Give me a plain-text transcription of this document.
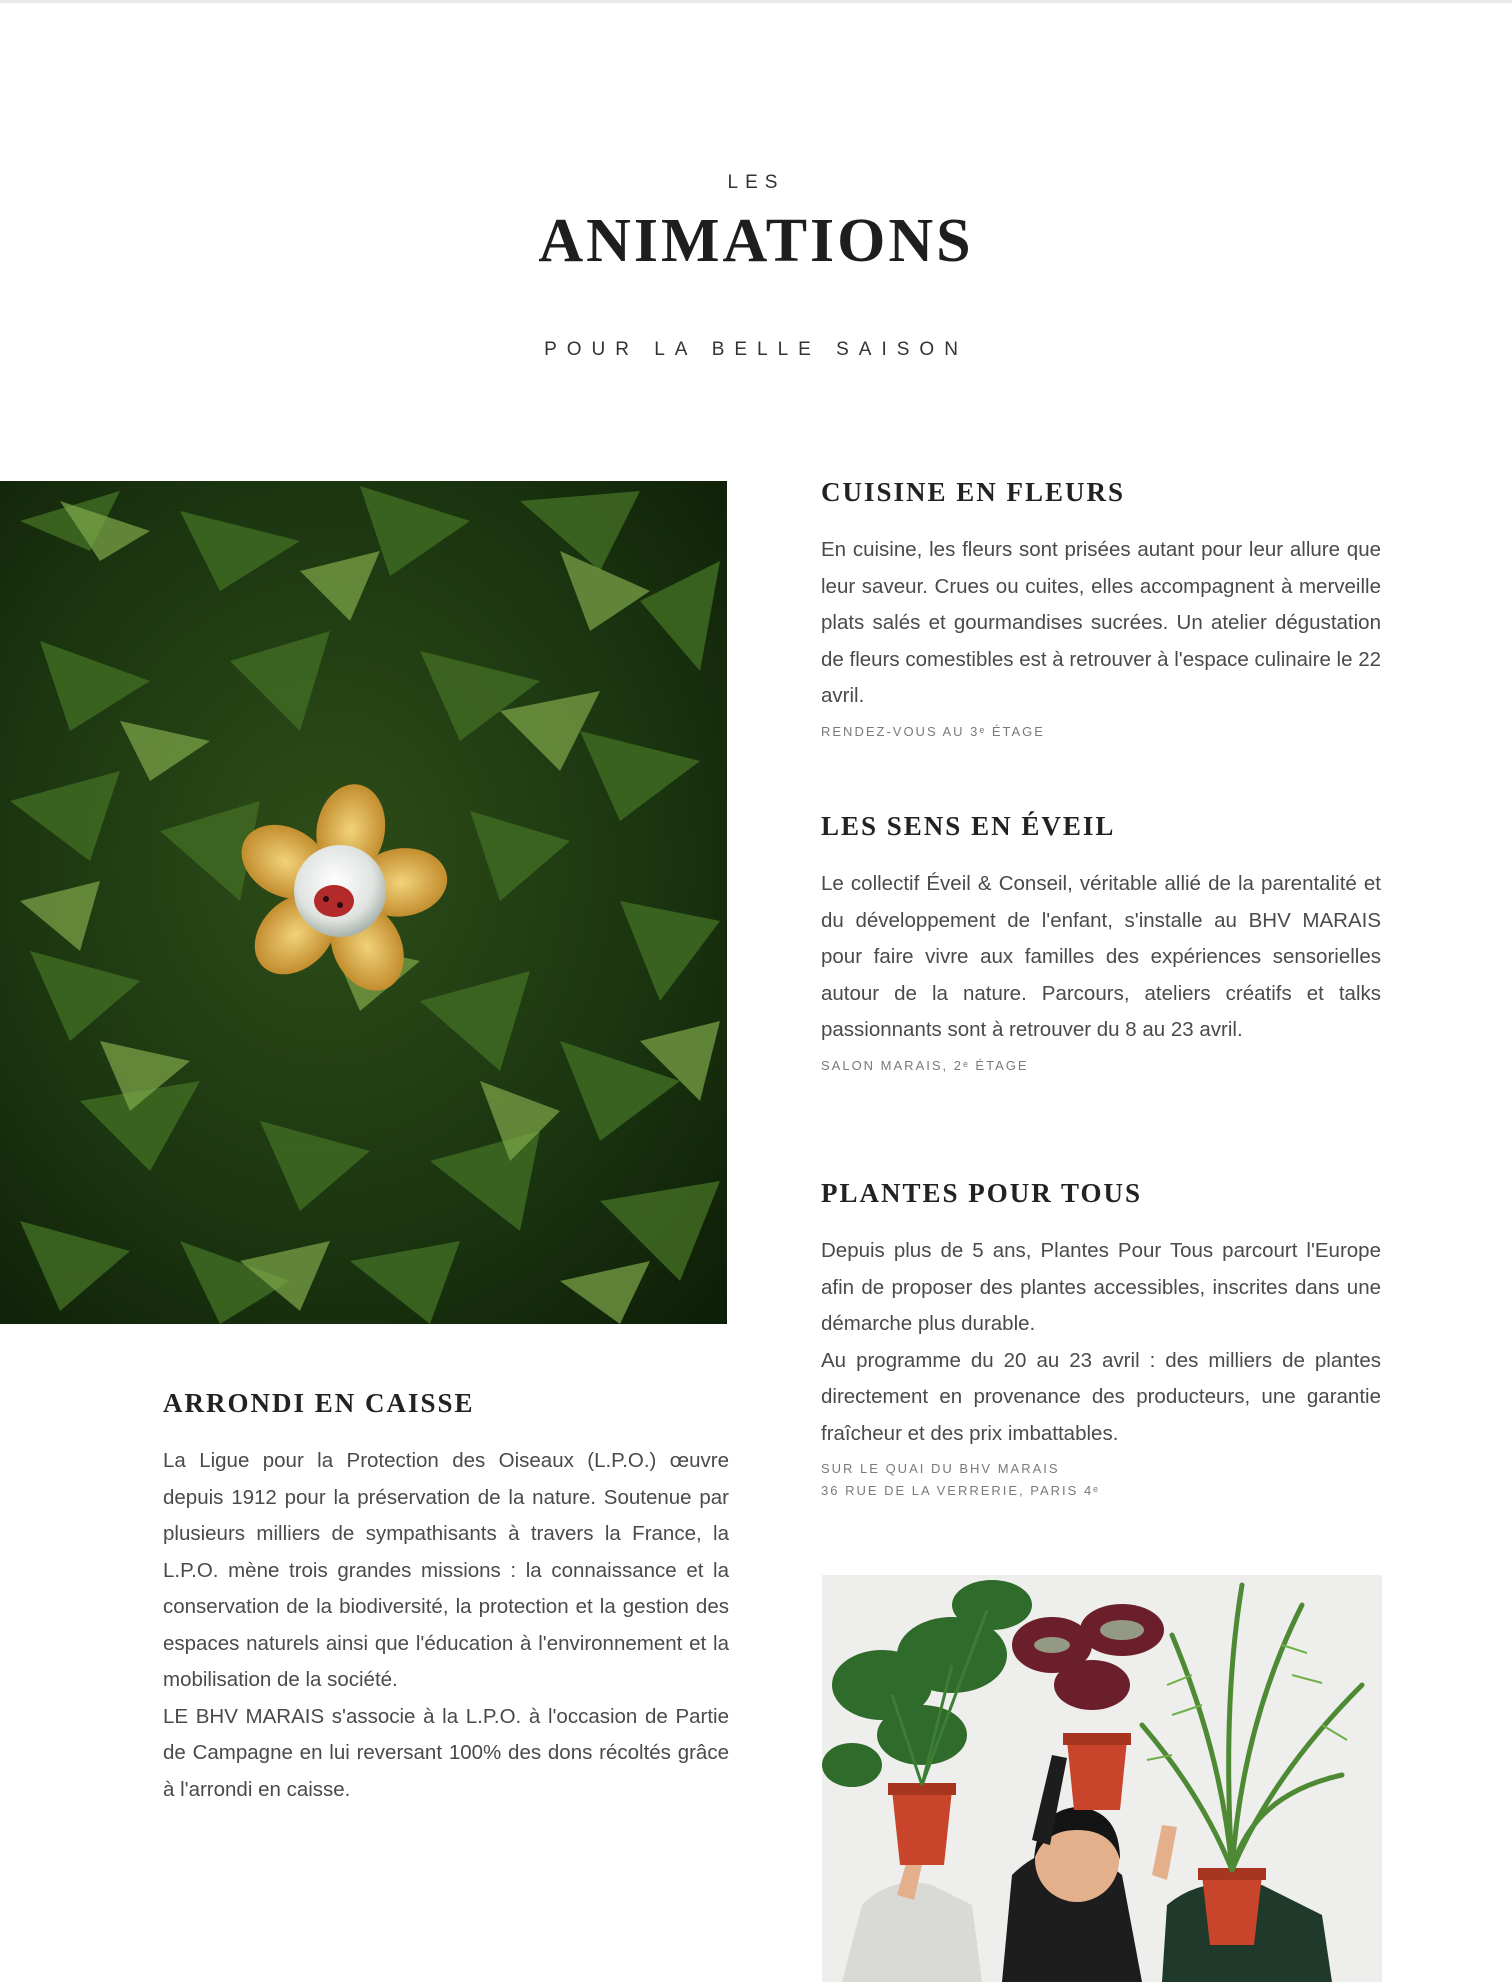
LES
ANIMATIONS
POUR LA BELLE SAISON
CUISINE EN FLEURS

En cuisine, les fleurs sont prisées autant pour leur allure que leur saveur. Crues ou cuites, elles accompagnent à merveille plats salés et gourmandises sucrées. Un atelier dégustation de fleurs comestibles est à retrouver à l'espace culinaire le 22 avril.

RENDEZ-VOUS AU 3ᵉ ÉTAGE
LES SENS EN ÉVEIL

Le collectif Éveil & Conseil, véritable allié de la parentalité et du développement de l'enfant, s'installe au BHV MARAIS pour faire vivre aux familles des expériences sensorielles autour de la nature. Parcours, ateliers créatifs et talks passionnants sont à retrouver du 8 au 23 avril.

SALON MARAIS, 2ᵉ ÉTAGE
PLANTES POUR TOUS

Depuis plus de 5 ans, Plantes Pour Tous parcourt l'Europe afin de proposer des plantes accessibles, inscrites dans une démarche plus durable.

Au programme du 20 au 23 avril : des milliers de plantes directement en provenance des producteurs, une garantie fraîcheur et des prix imbattables.

SUR LE QUAI DU BHV MARAIS
36 RUE DE LA VERRERIE, PARIS 4ᵉ
ARRONDI EN CAISSE

La Ligue pour la Protection des Oiseaux (L.P.O.) œuvre depuis 1912 pour la préservation de la nature. Soutenue par plusieurs milliers de sympathisants à travers la France, la L.P.O. mène trois grandes missions : la connaissance et la conservation de la biodiversité, la protection et la gestion des espaces naturels ainsi que l'éducation à l'environnement et la mobilisation de la société.

LE BHV MARAIS s'associe à la L.P.O. à l'occasion de Partie de Campagne en lui reversant 100% des dons récoltés grâce à l'arrondi en caisse.
